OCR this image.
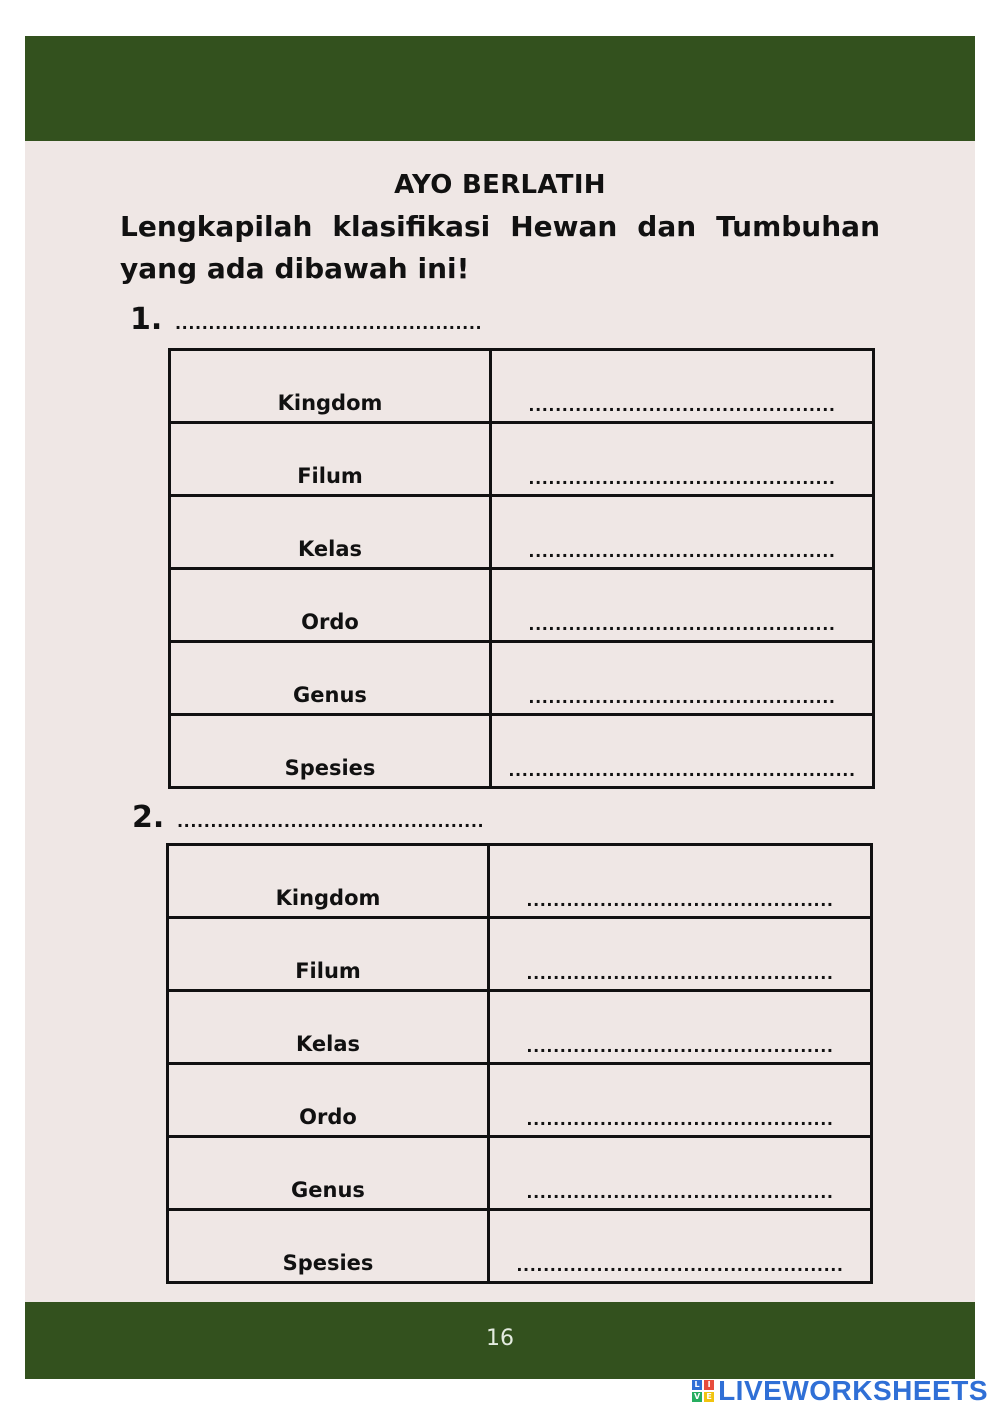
AYO BERLATIH
Lengkapilah klasifikasi Hewan dan Tumbuhan yang ada dibawah ini!
1. ..............................................
Kingdom	..............................................
Filum	..............................................
Kelas	..............................................
Ordo	..............................................
Genus	..............................................
Spesies	....................................................
2. ..............................................
Kingdom	..............................................
Filum	..............................................
Kelas	..............................................
Ordo	..............................................
Genus	..............................................
Spesies	.................................................
16
L I
V E LIVEWORKSHEETS
